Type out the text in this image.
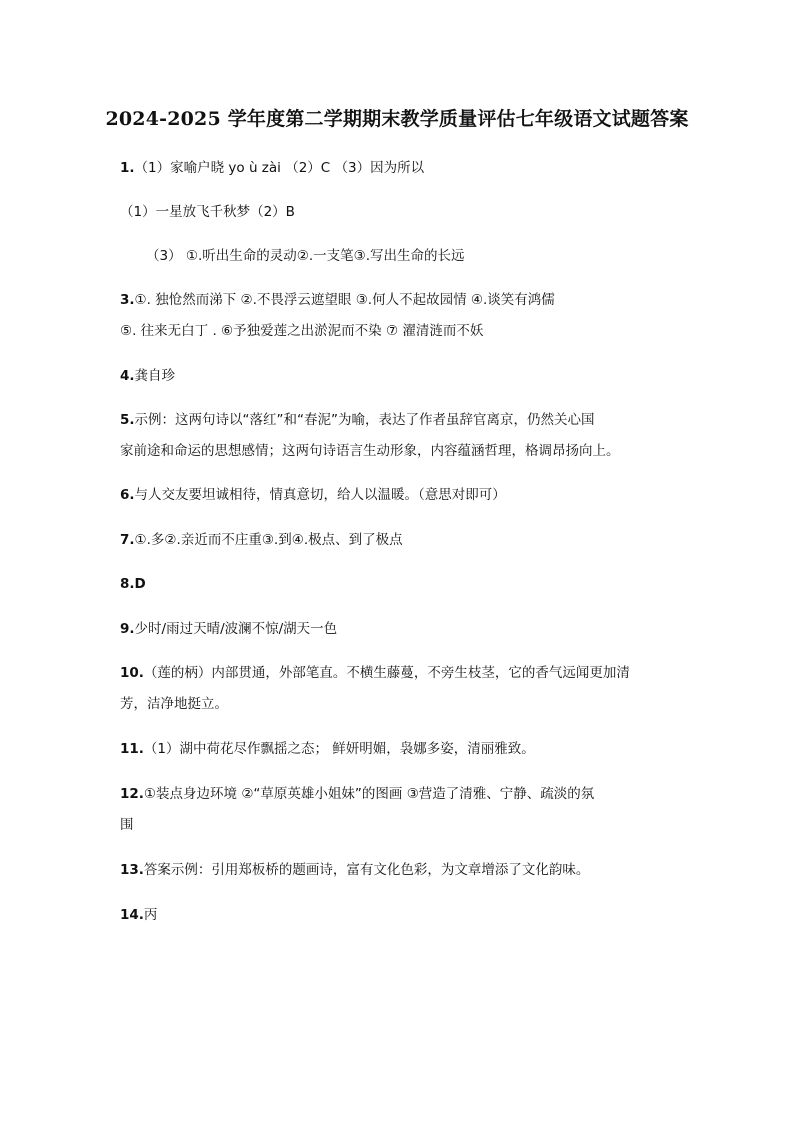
2024-2025 学年度第二学期期末教学质量评估七年级语文试题答案
1.（1）家喻户晓 yo ù zài （2）C （3）因为所以
（1）一星放飞千秋梦（2）B
（3） ①.听出生命的灵动②.一支笔③.写出生命的长远
3.①. 独怆然而涕下 ②.不畏浮云遮望眼 ③.何人不起故园情 ④.谈笑有鸿儒
⑤. 往来无白丁 . ⑥予独爱莲之出淤泥而不染 ⑦ 濯清涟而不妖
4.龚自珍
5.示例：这两句诗以“落红”和“春泥”为喻，表达了作者虽辞官离京，仍然关心国
家前途和命运的思想感情；这两句诗语言生动形象，内容蕴涵哲理，格调昂扬向上。
6.与人交友要坦诚相待，情真意切，给人以温暖。（意思对即可）
7.①.多②.亲近而不庄重③.到④.极点、到了极点
8.D
9.少时/雨过天晴/波澜不惊/湖天一色
10.（莲的柄）内部贯通，外部笔直。不横生藤蔓，不旁生枝茎，它的香气远闻更加清
芳，洁净地挺立。
11.（1）湖中荷花尽作飘摇之态； 鲜妍明媚，袅娜多姿，清丽雅致。
12.①装点身边环境 ②“草原英雄小姐妹”的图画 ③营造了清雅、宁静、疏淡的氛
围
13.答案示例：引用郑板桥的题画诗，富有文化色彩，为文章增添了文化韵味。
14.丙
